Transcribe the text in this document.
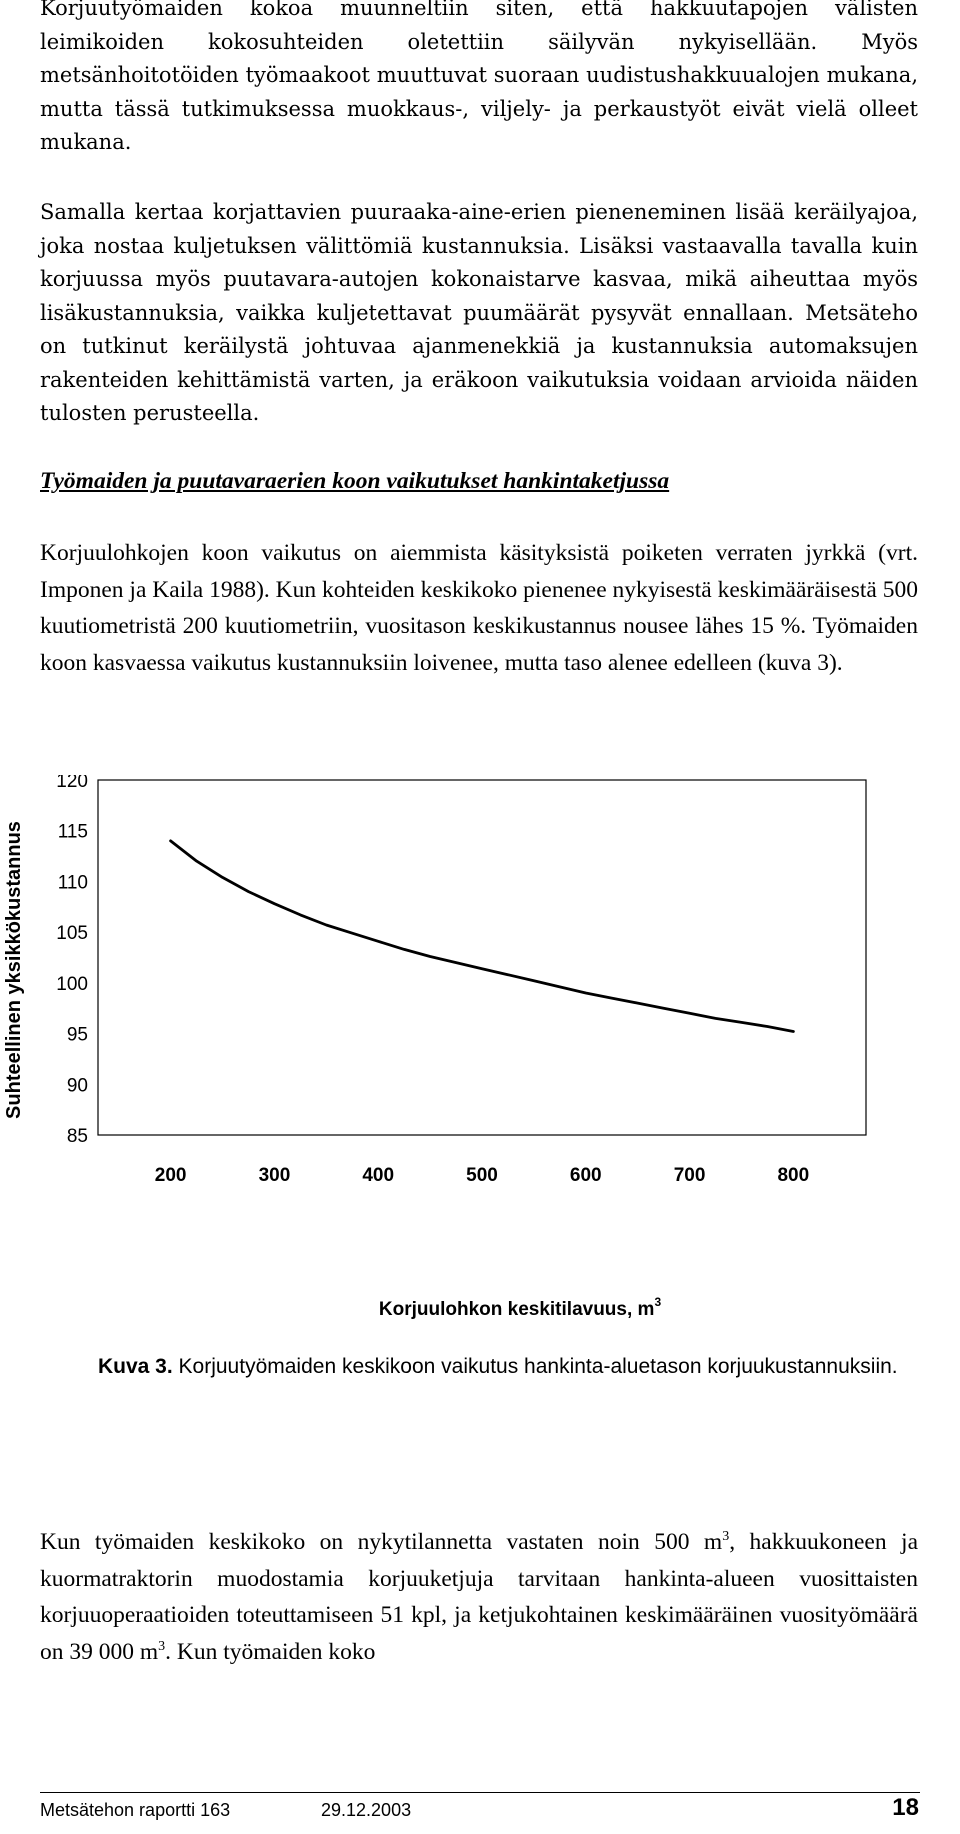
Korjuutyömaiden kokoa muunneltiin siten, että hakkuutapojen välisten leimikoiden kokosuhteiden oletettiin säilyvän nykyisellään. Myös metsänhoitotöiden työmaakoot muuttuvat suoraan uudistushakkuualojen mukana, mutta tässä tutkimuksessa muokkaus-, viljely- ja perkaustyöt eivät vielä olleet mukana.

Samalla kertaa korjattavien puuraaka-aine-erien pieneneminen lisää keräilyajoa, joka nostaa kuljetuksen välittömiä kustannuksia. Lisäksi vastaavalla tavalla kuin korjuussa myös puutavara-autojen kokonaistarve kasvaa, mikä aiheuttaa myös lisäkustannuksia, vaikka kuljetettavat puumäärät pysyvät ennallaan. Metsäteho on tutkinut keräilystä johtuvaa ajanmenekkiä ja kustannuksia automaksujen rakenteiden kehittämistä varten, ja eräkoon vaikutuksia voidaan arvioida näiden tulosten perusteella.

Työmaiden ja puutavaraerien koon vaikutukset hankintaketjussa

Korjuulohkojen koon vaikutus on aiemmista käsityksistä poiketen verraten jyrkkä (vrt. Imponen ja Kaila 1988). Kun kohteiden keskikoko pienenee nykyisestä keskimääräisestä 500 kuutiometristä 200 kuutiometriin, vuositason keskikustannus nousee lähes 15 %. Työmaiden koon kasvaessa vaikutus kustannuksiin loivenee, mutta taso alenee edelleen (kuva 3).

85
90
95
100
105
110
115
120
200	300	400	500	600	700	800
Suhteellinen yksikkökustannus
Korjuulohkon keskitilavuus, $m^3$

Kuva 3. Korjuutyömaiden keskikoon vaikutus hankinta-aluetason korjuukustannuksiin.

Kun työmaiden keskikoko on nykytilannetta vastaten noin 500 $m^3$, hakkuukoneen ja kuormatraktorin muodostamia korjuuketjuja tarvitaan hankinta-alueen vuosittaisten korjuuoperaatioiden toteuttamiseen 51 kpl, ja ketjukohtainen keskimääräinen vuosityömäärä on 39 000 $m^3$. Kun työmaiden koko

Metsätehon raportti 163	29.12.2003	18
